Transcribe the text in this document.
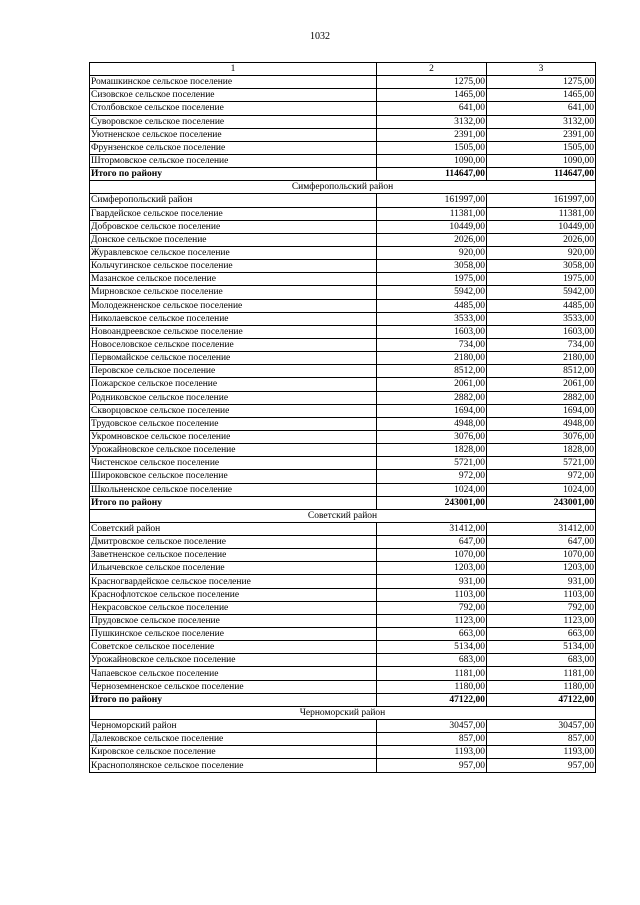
1032
1	2	3
Ромашкинское сельское поселение	1275,00	1275,00
Сизовское сельское поселение	1465,00	1465,00
Столбовское сельское поселение	641,00	641,00
Суворовское сельское поселение	3132,00	3132,00
Уютненское сельское поселение	2391,00	2391,00
Фрунзенское сельское поселение	1505,00	1505,00
Штормовское сельское поселение	1090,00	1090,00
Итого по району	114647,00	114647,00
Симферопольский район		
Симферопольский район	161997,00	161997,00
Гвардейское сельское поселение	11381,00	11381,00
Добровское сельское поселение	10449,00	10449,00
Донское сельское поселение	2026,00	2026,00
Журавлевское сельское поселение	920,00	920,00
Кольчугинское сельское поселение	3058,00	3058,00
Мазанское сельское поселение	1975,00	1975,00
Мирновское сельское поселение	5942,00	5942,00
Молодежненское сельское поселение	4485,00	4485,00
Николаевское сельское поселение	3533,00	3533,00
Новоандреевское сельское поселение	1603,00	1603,00
Новоселовское сельское поселение	734,00	734,00
Первомайское сельское поселение	2180,00	2180,00
Перовское сельское поселение	8512,00	8512,00
Пожарское сельское поселение	2061,00	2061,00
Родниковское сельское поселение	2882,00	2882,00
Скворцовское сельское поселение	1694,00	1694,00
Трудовское сельское поселение	4948,00	4948,00
Укромновское сельское поселение	3076,00	3076,00
Урожайновское сельское поселение	1828,00	1828,00
Чистенское сельское поселение	5721,00	5721,00
Широковское сельское поселение	972,00	972,00
Школьненское сельское поселение	1024,00	1024,00
Итого по району	243001,00	243001,00
Советский район		
Советский район	31412,00	31412,00
Дмитровское сельское поселение	647,00	647,00
Заветненское сельское поселение	1070,00	1070,00
Ильичевское сельское поселение	1203,00	1203,00
Красногвардейское сельское поселение	931,00	931,00
Краснофлотское сельское поселение	1103,00	1103,00
Некрасовское сельское поселение	792,00	792,00
Прудовское сельское поселение	1123,00	1123,00
Пушкинское сельское поселение	663,00	663,00
Советское сельское поселение	5134,00	5134,00
Урожайновское сельское поселение	683,00	683,00
Чапаевское сельское поселение	1181,00	1181,00
Черноземненское сельское поселение	1180,00	1180,00
Итого по району	47122,00	47122,00
Черноморский район		
Черноморский район	30457,00	30457,00
Далековское сельское поселение	857,00	857,00
Кировское сельское поселение	1193,00	1193,00
Краснополянское сельское поселение	957,00	957,00
